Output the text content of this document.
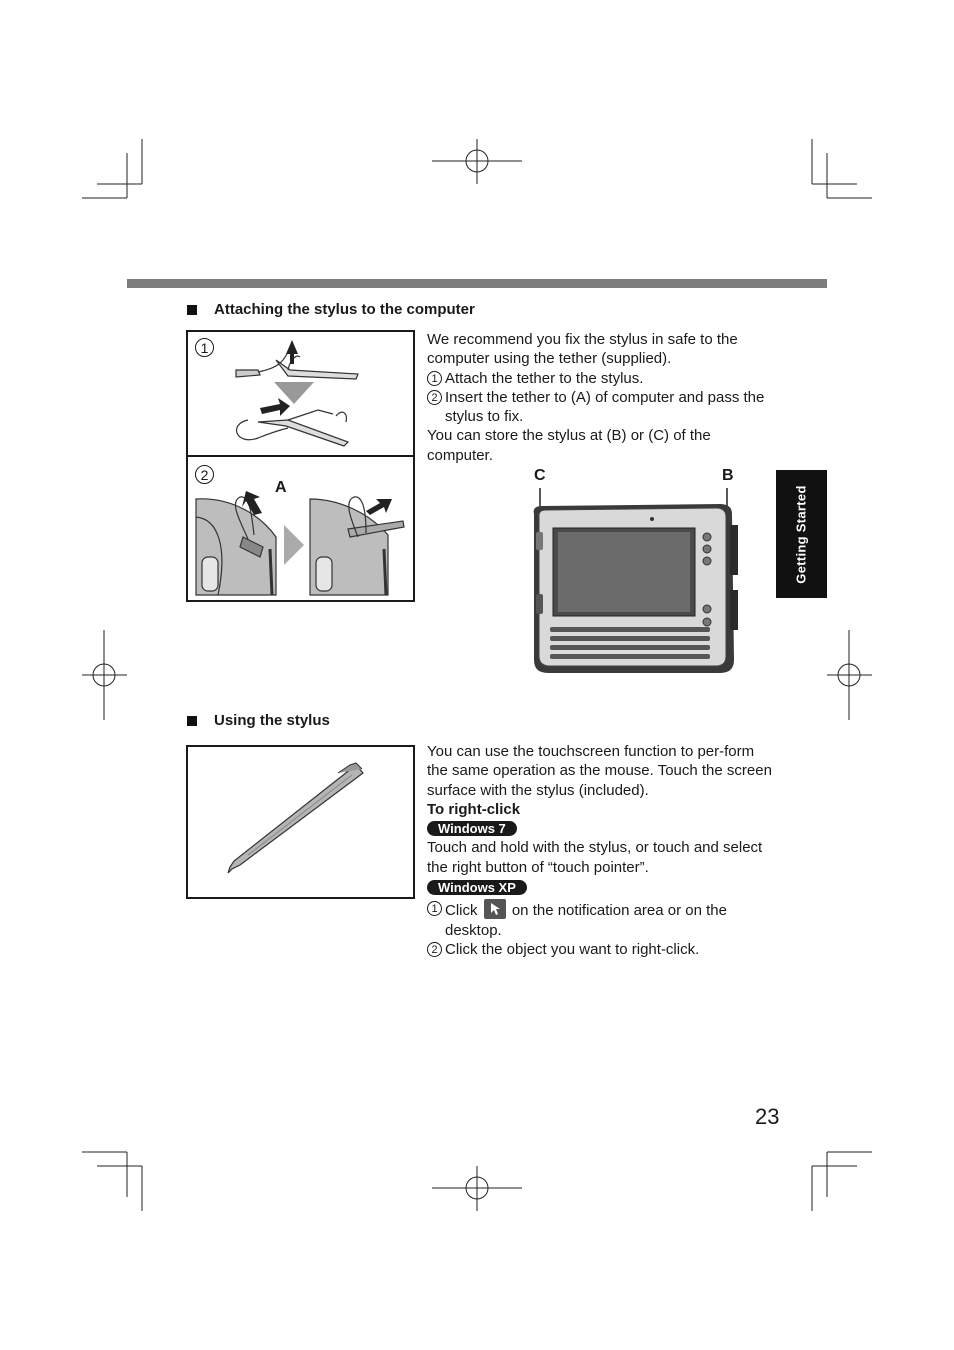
Getting Started
Attaching the stylus to the computer
1
2
A

We recommend you fix the stylus in safe to the computer using the tether (supplied).

1 Attach the tether to the stylus.
2 Insert the tether to (A) of computer and pass the stylus to fix.

You can store the stylus at (B) or (C) of the computer.

C	B
Using the stylus

You can use the touchscreen function to per-form the same operation as the mouse. Touch the screen surface with the stylus (included).

To right-click

Windows 7

Touch and hold with the stylus, or touch and select the right button of “touch pointer”.

Windows XP
1 Click on the notification area or on the desktop.
2 Click the object you want to right-click.
23
